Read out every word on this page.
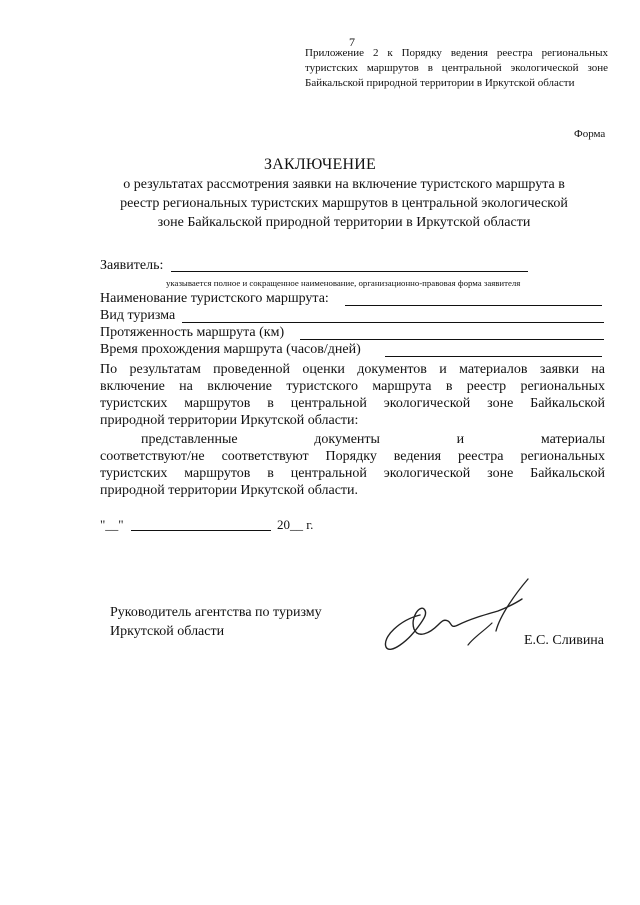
7
Приложение 2 к Порядку ведения реестра региональных
туристских маршрутов в центральной экологической зоне
Байкальской природной территории в Иркутской области
Форма
ЗАКЛЮЧЕНИЕ
о результатах рассмотрения заявки на включение туристского маршрута в
реестр региональных туристских маршрутов в центральной экологической
зоне Байкальской природной территории в Иркутской области
Заявитель:
указывается полное и сокращенное наименование, организационно-правовая форма заявителя
Наименование туристского маршрута:
Вид туризма
Протяженность маршрута (км)
Время прохождения маршрута (часов/дней)
По результатам проведенной оценки документов и материалов заявки на
включение на включение туристского маршрута в реестр региональных
туристских маршрутов в центральной экологической зоне Байкальской
природной территории Иркутской области:
представленные документы и материалы
соответствуют/не соответствуют Порядку ведения реестра региональных
туристских маршрутов в центральной экологической зоне Байкальской
природной территории Иркутской области.
"__"	20__ г.
Руководитель агентства по туризму
Иркутской области
Е.С. Сливина
